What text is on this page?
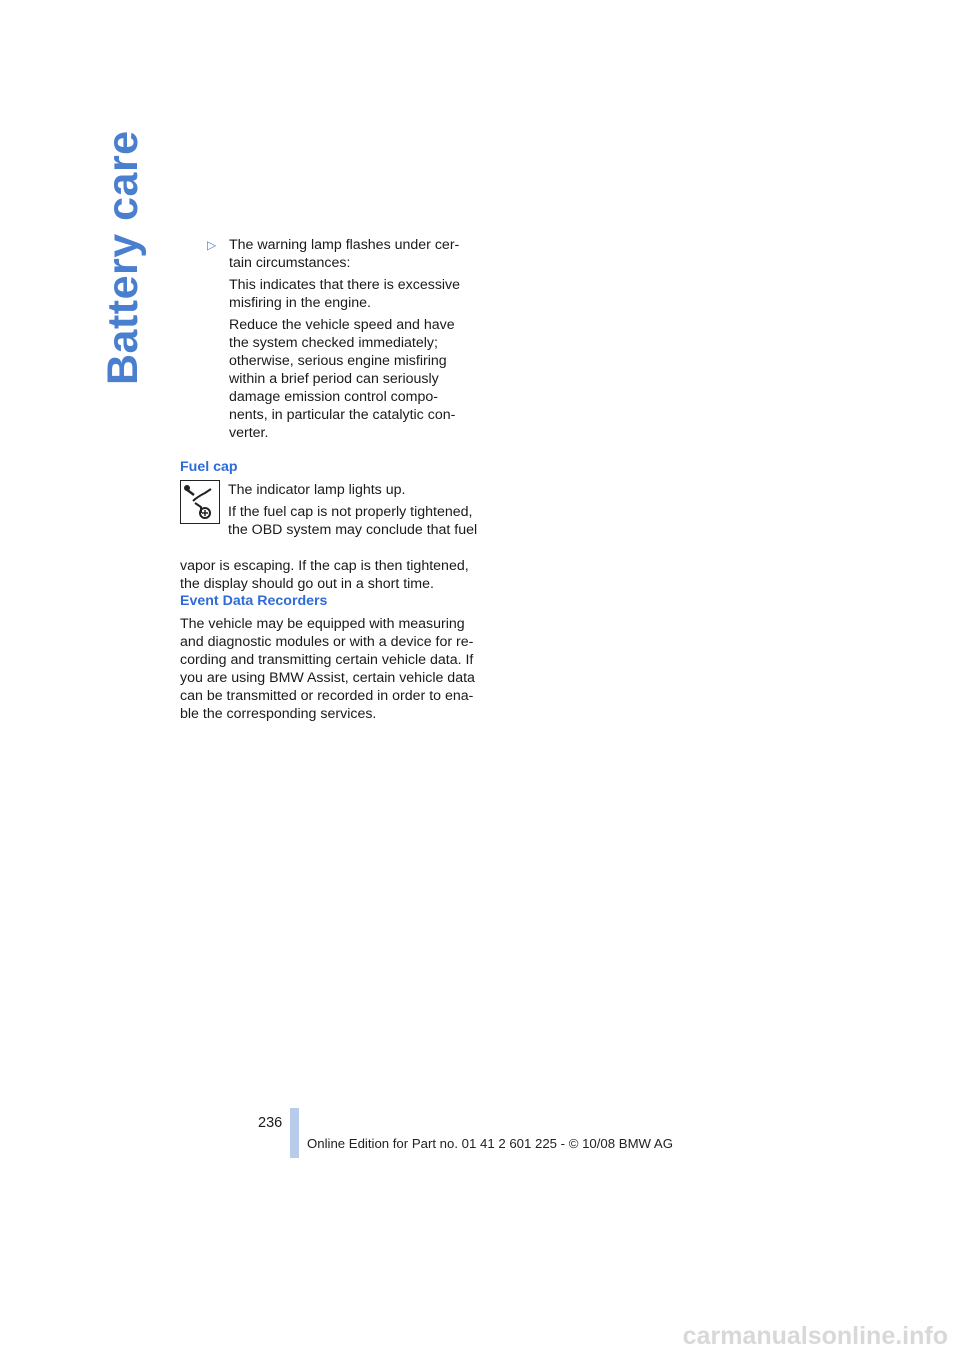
Battery care	▷ The warning lamp flashes under cer-
tain circumstances:

This indicates that there is excessive
misfiring in the engine.

Reduce the vehicle speed and have
the system checked immediately;
otherwise, serious engine misfiring
within a brief period can seriously
damage emission control compo-
nents, in particular the catalytic con-
verter.

Fuel cap

The indicator lamp lights up.

If the fuel cap is not properly tightened,
the OBD system may conclude that fuel

vapor is escaping. If the cap is then tightened,
the display should go out in a short time.
Event Data Recorders
The vehicle may be equipped with measuring
and diagnostic modules or with a device for re-
cording and transmitting certain vehicle data. If
you are using BMW Assist, certain vehicle data
can be transmitted or recorded in order to ena-
ble the corresponding services.
236
Online Edition for Part no. 01 41 2 601 225 - © 10/08 BMW AG
carmanualsonline.info
